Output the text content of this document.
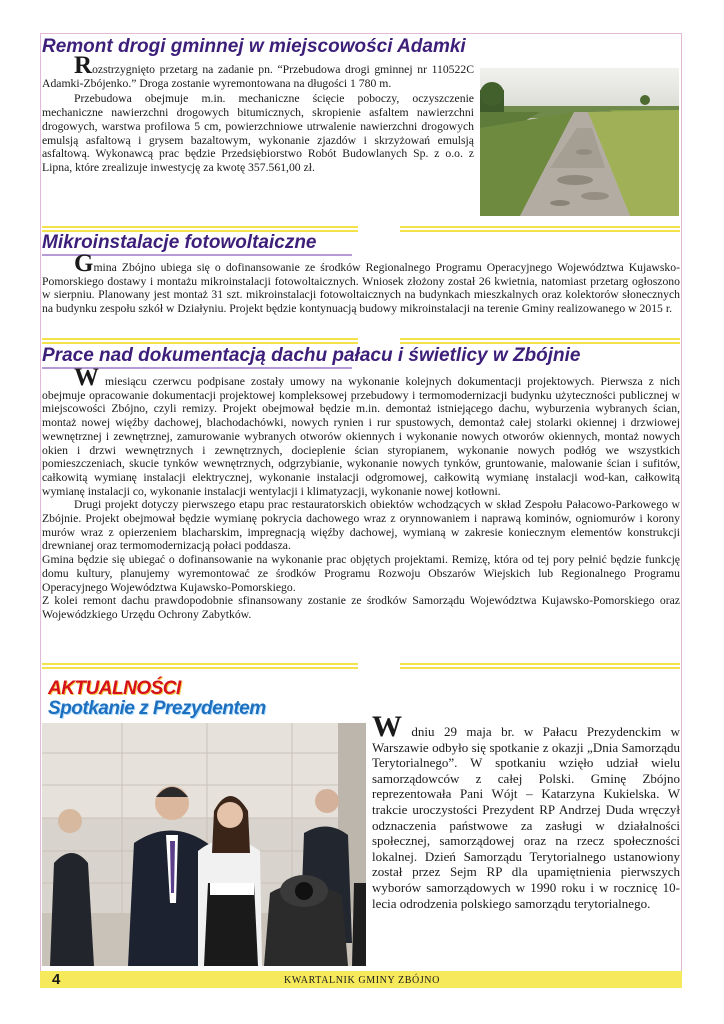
Remont drogi gminnej w miejscowości Adamki

Rozstrzygnięto przetarg na zadanie pn. “Przebudowa drogi gminnej nr 110522C Adamki-Zbójenko.” Droga zostanie wyremontowana na długości 1 780 m.

Przebudowa obejmuje m.in. mechaniczne ścięcie poboczy, oczyszczenie mechaniczne nawierzchni drogowych bitumicznych, skropienie asfaltem nawierzchni drogowych, warstwa profilowa 5 cm, powierzchniowe utrwalenie nawierzchni drogowych emulsją asfaltową i grysem bazaltowym, wykonanie zjazdów i skrzyżowań emulsją asfaltową. Wykonawcą prac będzie Przedsiębiorstwo Robót Budowlanych Sp. z o.o. z Lipna, które zrealizuje inwestycję za kwotę 357.561,00 zł.

Mikroinstalacje fotowoltaiczne

Gmina Zbójno ubiega się o dofinansowanie ze środków Regionalnego Programu Operacyjnego Województwa Kujawsko-Pomorskiego dostawy i montażu mikroinstalacji fotowoltaicznych. Wniosek złożony został 26 kwietnia, natomiast przetarg ogłoszono w sierpniu. Planowany jest montaż 31 szt. mikroinstalacji fotowoltaicznych na budynkach mieszkalnych oraz kolektorów słonecznych na budynku zespołu szkół w Działyniu. Projekt będzie kontynuacją budowy mikroinstalacji na terenie Gminy realizowanego w 2015 r.

Prace nad dokumentacją dachu pałacu i świetlicy w Zbójnie

W miesiącu czerwcu podpisane zostały umowy na wykonanie kolejnych dokumentacji projektowych. Pierwsza z nich obejmuje opracowanie dokumentacji projektowej kompleksowej przebudowy i termomodernizacji budynku użyteczności publicznej w miejscowości Zbójno, czyli remizy. Projekt obejmował będzie m.in. demontaż istniejącego dachu, wyburzenia wybranych ścian, montaż nowej więźby dachowej, blachodachówki, nowych rynien i rur spustowych, demontaż całej stolarki okiennej i drzwiowej wewnętrznej i zewnętrznej, zamurowanie wybranych otworów okiennych i wykonanie nowych otworów okiennych, montaż nowych okien i drzwi wewnętrznych i zewnętrznych, docieplenie ścian styropianem, wykonanie nowych podłóg we wszystkich pomieszczeniach, skucie tynków wewnętrznych, odgrzybianie, wykonanie nowych tynków, gruntowanie, malowanie ścian i sufitów, całkowitą wymianę instalacji elektrycznej, wykonanie instalacji odgromowej, całkowitą wymianę instalacji wod-kan, całkowitą wymianę instalacji co, wykonanie instalacji wentylacji i klimatyzacji, wykonanie nowej kotłowni.

Drugi projekt dotyczy pierwszego etapu prac restauratorskich obiektów wchodzących w skład Zespołu Pałacowo-Parkowego w Zbójnie. Projekt obejmował będzie wymianę pokrycia dachowego wraz z orynnowaniem i naprawą kominów, ogniomurów i korony murów wraz z opierzeniem blacharskim, impregnacją więźby dachowej, wymianą w zakresie koniecznym elementów konstrukcji drewnianej oraz termomodernizacją połaci poddasza.

Gmina będzie się ubiegać o dofinansowanie na wykonanie prac objętych projektami. Remizę, która od tej pory pełnić będzie funkcję domu kultury, planujemy wyremontować ze środków Programu Rozwoju Obszarów Wiejskich lub Regionalnego Programu Operacyjnego Województwa Kujawsko-Pomorskiego.

Z kolei remont dachu prawdopodobnie sfinansowany zostanie ze środków Samorządu Województwa Kujawsko-Pomorskiego oraz Wojewódzkiego Urzędu Ochrony Zabytków.

AKTUALNOŚCI
Spotkanie z Prezydentem
W dniu 29 maja br. w Pałacu Prezydenckim w Warszawie odbyło się spotkanie z okazji „Dnia Samorządu Terytorialnego”. W spotkaniu wzięło udział wielu samorządowców z całej Polski. Gminę Zbójno reprezentowała Pani Wójt – Katarzyna Kukielska. W trakcie uroczystości Prezydent RP Andrzej Duda wręczył odznaczenia państwowe za zasługi w działalności społecznej, samorządowej oraz na rzecz społeczności lokalnej. Dzień Samorządu Terytorialnego ustanowiony został przez Sejm RP dla upamiętnienia pierwszych wyborów samorządowych w 1990 roku i w rocznicę 10-lecia odrodzenia polskiego samorządu terytorialnego.
4	KWARTALNIK GMINY ZBÓJNO
